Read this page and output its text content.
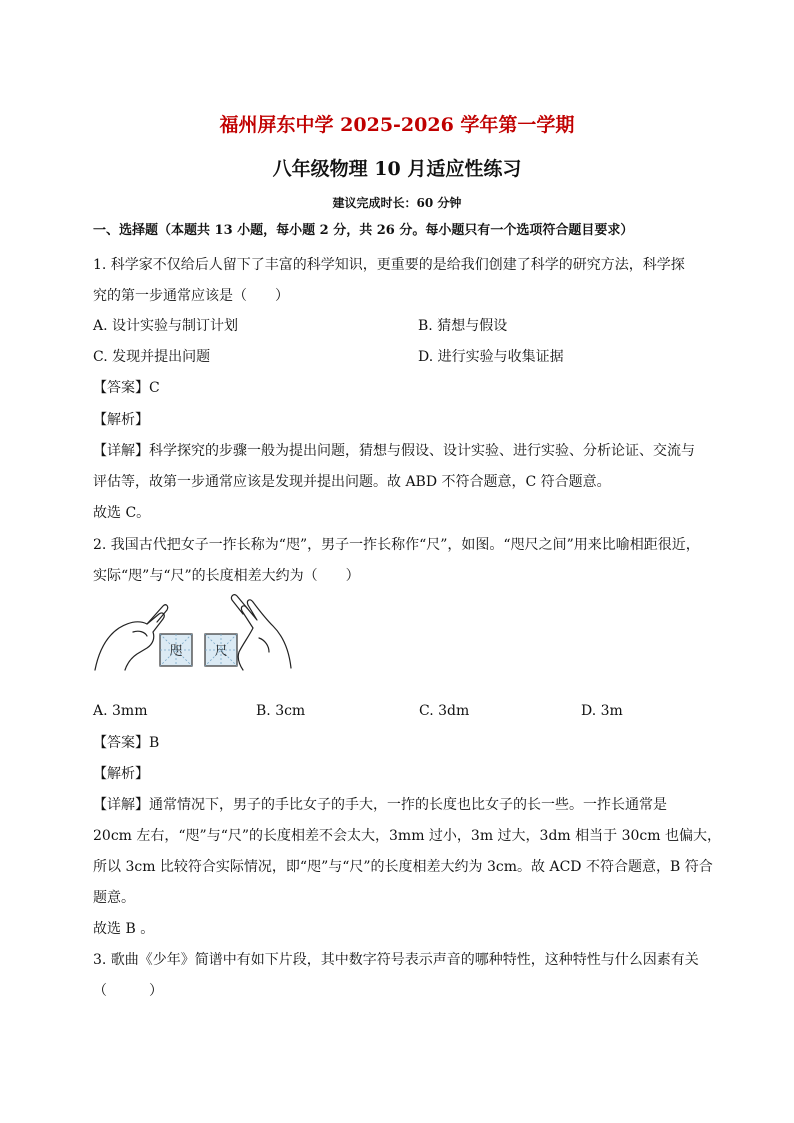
福州屏东中学 2025-2026 学年第一学期
八年级物理 10 月适应性练习
建议完成时长：60 分钟
一、选择题（本题共 13 小题，每小题 2 分，共 26 分。每小题只有一个选项符合题目要求）
1. 科学家不仅给后人留下了丰富的科学知识，更重要的是给我们创建了科学的研究方法，科学探
究的第一步通常应该是（　　）
A. 设计实验与制订计划	B. 猜想与假设
C. 发现并提出问题	D. 进行实验与收集证据
【答案】C
【解析】
【详解】科学探究的步骤一般为提出问题，猜想与假设、设计实验、进行实验、分析论证、交流与
评估等，故第一步通常应该是发现并提出问题。故 ABD 不符合题意，C 符合题意。
故选 C。
2. 我国古代把女子一拃长称为“咫”，男子一拃长称作“尺”，如图。“咫尺之间”用来比喻相距很近，
实际“咫”与“尺”的长度相差大约为（　　）
咫 尺
A. 3mm	B. 3cm	C. 3dm	D. 3m
【答案】B
【解析】
【详解】通常情况下，男子的手比女子的手大，一拃的长度也比女子的长一些。一拃长通常是
20cm 左右，“咫”与“尺”的长度相差不会太大，3mm 过小，3m 过大，3dm 相当于 30cm 也偏大，
所以 3cm 比较符合实际情况，即“咫”与“尺”的长度相差大约为 3cm。故 ACD 不符合题意，B 符合
题意。
故选 B 。
3. 歌曲《少年》简谱中有如下片段，其中数字符号表示声音的哪种特性，这种特性与什么因素有关
（　　　）
